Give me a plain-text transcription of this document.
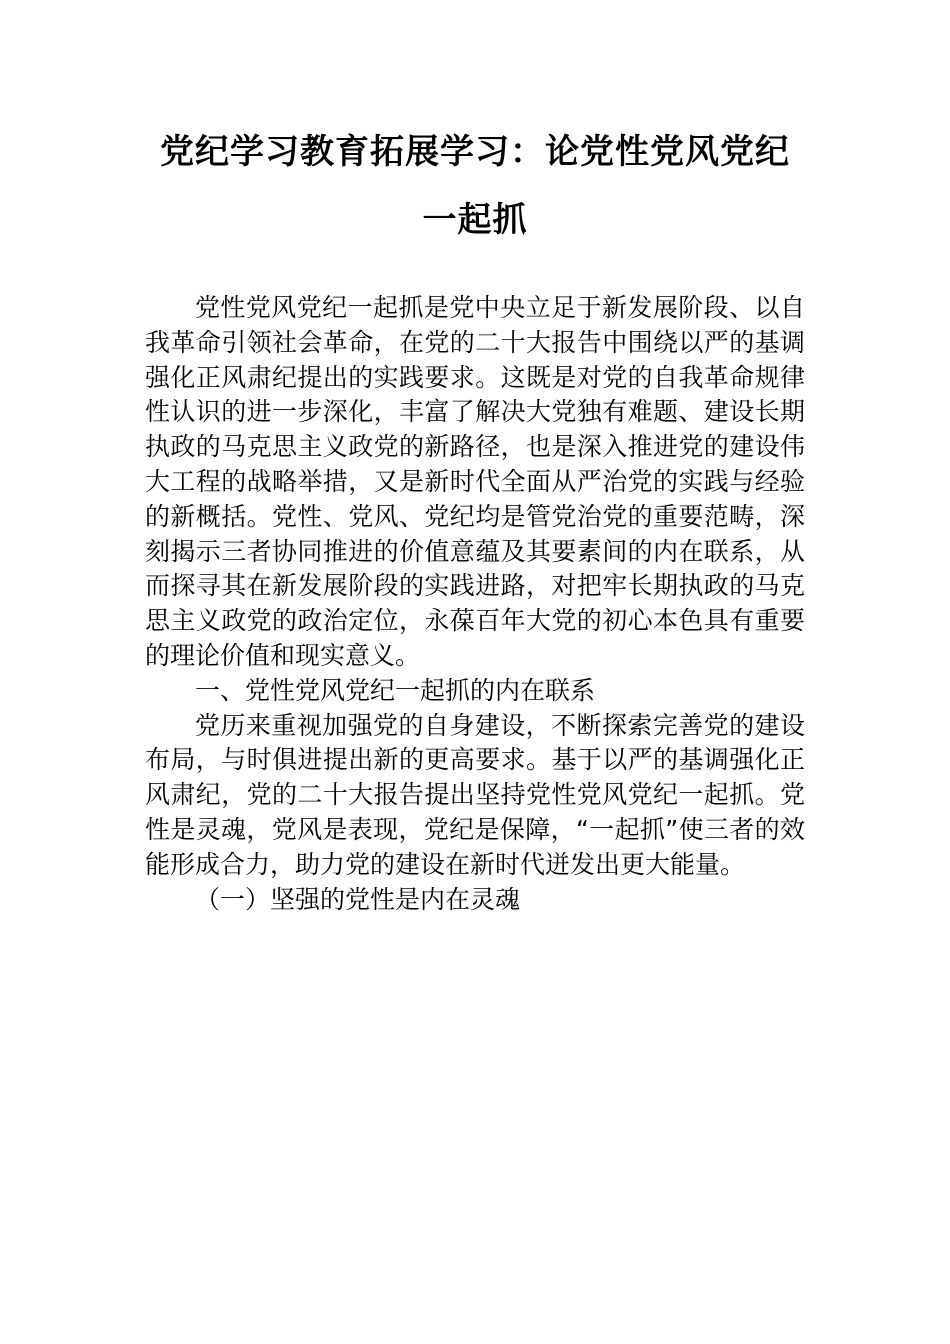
党纪学习教育拓展学习：论党性党风党纪
一起抓

党性党风党纪一起抓是党中央立足于新发展阶段、以自我革命引领社会革命，在党的二十大报告中围绕以严的基调强化正风肃纪提出的实践要求。这既是对党的自我革命规律性认识的进一步深化，丰富了解决大党独有难题、建设长期执政的马克思主义政党的新路径，也是深入推进党的建设伟大工程的战略举措，又是新时代全面从严治党的实践与经验的新概括。党性、党风、党纪均是管党治党的重要范畴，深刻揭示三者协同推进的价值意蕴及其要素间的内在联系，从而探寻其在新发展阶段的实践进路，对把牢长期执政的马克思主义政党的政治定位，永葆百年大党的初心本色具有重要的理论价值和现实意义。

一、党性党风党纪一起抓的内在联系

党历来重视加强党的自身建设，不断探索完善党的建设布局，与时俱进提出新的更高要求。基于以严的基调强化正风肃纪，党的二十大报告提出坚持党性党风党纪一起抓。党性是灵魂，党风是表现，党纪是保障，“一起抓”使三者的效能形成合力，助力党的建设在新时代迸发出更大能量。

（一）坚强的党性是内在灵魂
